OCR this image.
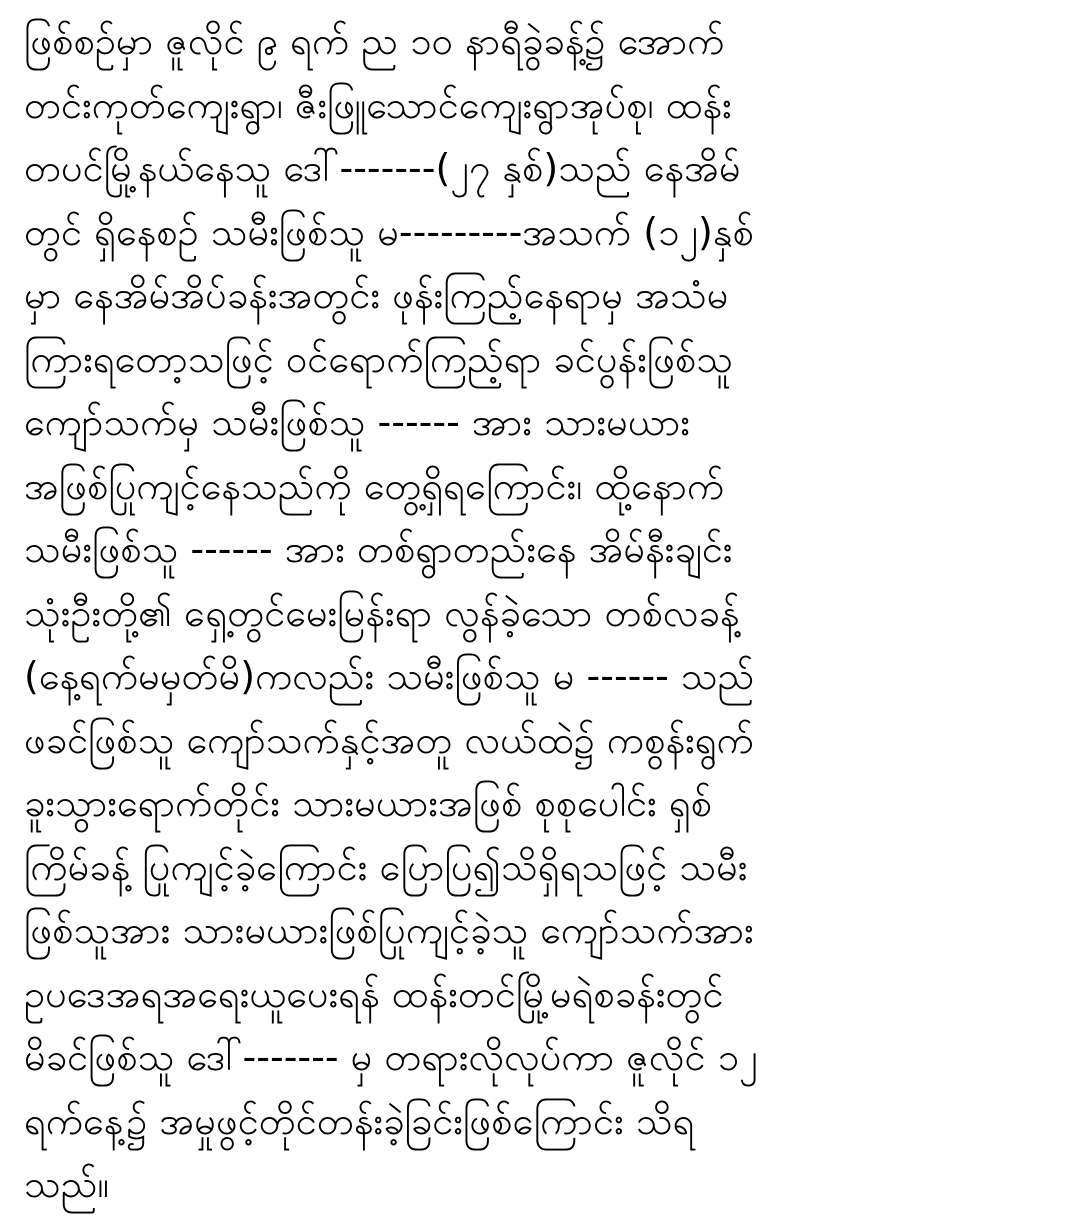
ဖြစ်စဉ်မှာ ဇူလိုင် ၉ ရက် ည ၁၀ နာရီခွဲခန့်၌ အောက်
တင်းကုတ်ကျေးရွာ၊ ဇီးဖြူသောင်ကျေးရွာအုပ်စု၊ ထန်း
တပင်မြို့နယ်နေသူ ဒေါ်-------(၂၇ နှစ်)သည် နေအိမ်
တွင် ရှိနေစဉ် သမီးဖြစ်သူ မ---------အသက် (၁၂)နှစ်
မှာ နေအိမ်အိပ်ခန်းအတွင်း ဖုန်းကြည့်နေရာမှ အသံမ
ကြားရတော့သဖြင့် ဝင်ရောက်ကြည့်ရာ ခင်ပွန်းဖြစ်သူ
ကျော်သက်မှ သမီးဖြစ်သူ ------ အား သားမယား
အဖြစ်ပြုကျင့်နေသည်ကို တွေ့ရှိရကြောင်း၊ ထို့နောက်
သမီးဖြစ်သူ ------ အား တစ်ရွာတည်းနေ အိမ်နီးချင်း
သုံးဦးတို့၏ ရှေ့တွင်မေးမြန်းရာ လွန်ခဲ့သော တစ်လခန့်
(နေ့ရက်မမှတ်မိ)ကလည်း သမီးဖြစ်သူ မ ------ သည်
ဖခင်ဖြစ်သူ ကျော်သက်နှင့်အတူ လယ်ထဲ၌ ကစွန်းရွက်
ခူးသွားရောက်တိုင်း သားမယားအဖြစ် စုစုပေါင်း ရှစ်
ကြိမ်ခန့် ပြုကျင့်ခဲ့ကြောင်း ပြောပြ၍သိရှိရသဖြင့် သမီး
ဖြစ်သူအား သားမယားဖြစ်ပြုကျင့်ခဲ့သူ ကျော်သက်အား
ဥပဒေအရအရေးယူပေးရန် ထန်းတင်မြို့မရဲစခန်းတွင်
မိခင်ဖြစ်သူ ဒေါ်------- မှ တရားလိုလုပ်ကာ ဇူလိုင် ၁၂
ရက်နေ့၌ အမှုဖွင့်တိုင်တန်းခဲ့ခြင်းဖြစ်ကြောင်း သိရ
သည်။
